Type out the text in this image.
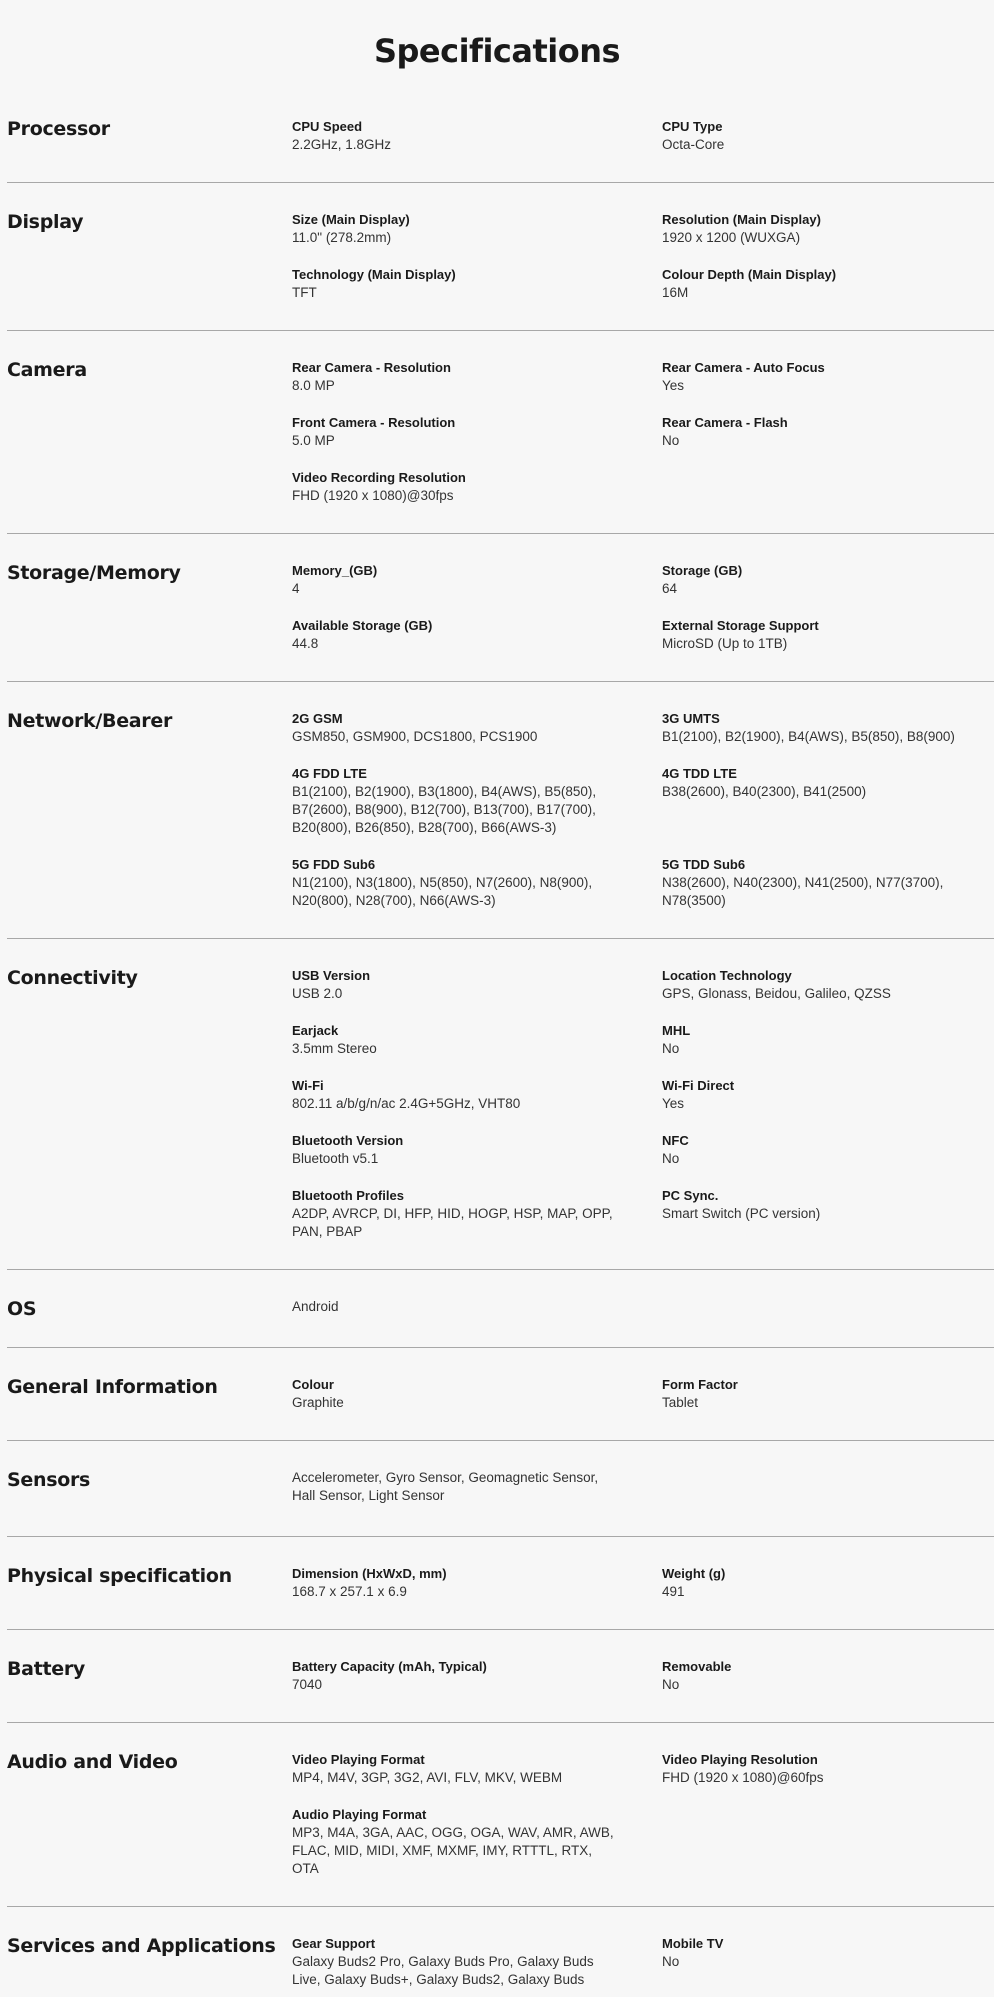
Specifications
Processor	CPU Speed
2.2GHz, 1.8GHz
CPU Type
Octa-Core
Display	Size (Main Display)
11.0" (278.2mm)
Resolution (Main Display)
1920 x 1200 (WUXGA)
Technology (Main Display)
TFT
Colour Depth (Main Display)
16M
Camera	Rear Camera - Resolution
8.0 MP
Rear Camera - Auto Focus
Yes
Front Camera - Resolution
5.0 MP
Rear Camera - Flash
No
Video Recording Resolution
FHD (1920 x 1080)@30fps
Storage/Memory	Memory_(GB)
4
Storage (GB)
64
Available Storage (GB)
44.8
External Storage Support
MicroSD (Up to 1TB)
Network/Bearer	2G GSM
GSM850, GSM900, DCS1800, PCS1900
3G UMTS
B1(2100), B2(1900), B4(AWS), B5(850), B8(900)
4G FDD LTE
B1(2100), B2(1900), B3(1800), B4(AWS), B5(850), B7(2600), B8(900), B12(700), B13(700), B17(700), B20(800), B26(850), B28(700), B66(AWS-3)
4G TDD LTE
B38(2600), B40(2300), B41(2500)
5G FDD Sub6
N1(2100), N3(1800), N5(850), N7(2600), N8(900), N20(800), N28(700), N66(AWS-3)
5G TDD Sub6
N38(2600), N40(2300), N41(2500), N77(3700), N78(3500)
Connectivity	USB Version
USB 2.0
Location Technology
GPS, Glonass, Beidou, Galileo, QZSS
Earjack
3.5mm Stereo
MHL
No
Wi-Fi
802.11 a/b/g/n/ac 2.4G+5GHz, VHT80
Wi-Fi Direct
Yes
Bluetooth Version
Bluetooth v5.1
NFC
No
Bluetooth Profiles
A2DP, AVRCP, DI, HFP, HID, HOGP, HSP, MAP, OPP, PAN, PBAP
PC Sync.
Smart Switch (PC version)
OS	Android
General Information	Colour
Graphite
Form Factor
Tablet
Sensors	Accelerometer, Gyro Sensor, Geomagnetic Sensor, Hall Sensor, Light Sensor
Physical specification	Dimension (HxWxD, mm)
168.7 x 257.1 x 6.9
Weight (g)
491
Battery	Battery Capacity (mAh, Typical)
7040
Removable
No
Audio and Video	Video Playing Format
MP4, M4V, 3GP, 3G2, AVI, FLV, MKV, WEBM
Video Playing Resolution
FHD (1920 x 1080)@60fps
Audio Playing Format
MP3, M4A, 3GA, AAC, OGG, OGA, WAV, AMR, AWB, FLAC, MID, MIDI, XMF, MXMF, IMY, RTTTL, RTX, OTA
Services and Applications	Gear Support
Galaxy Buds2 Pro, Galaxy Buds Pro, Galaxy Buds Live, Galaxy Buds+, Galaxy Buds2, Galaxy Buds
Mobile TV
No
